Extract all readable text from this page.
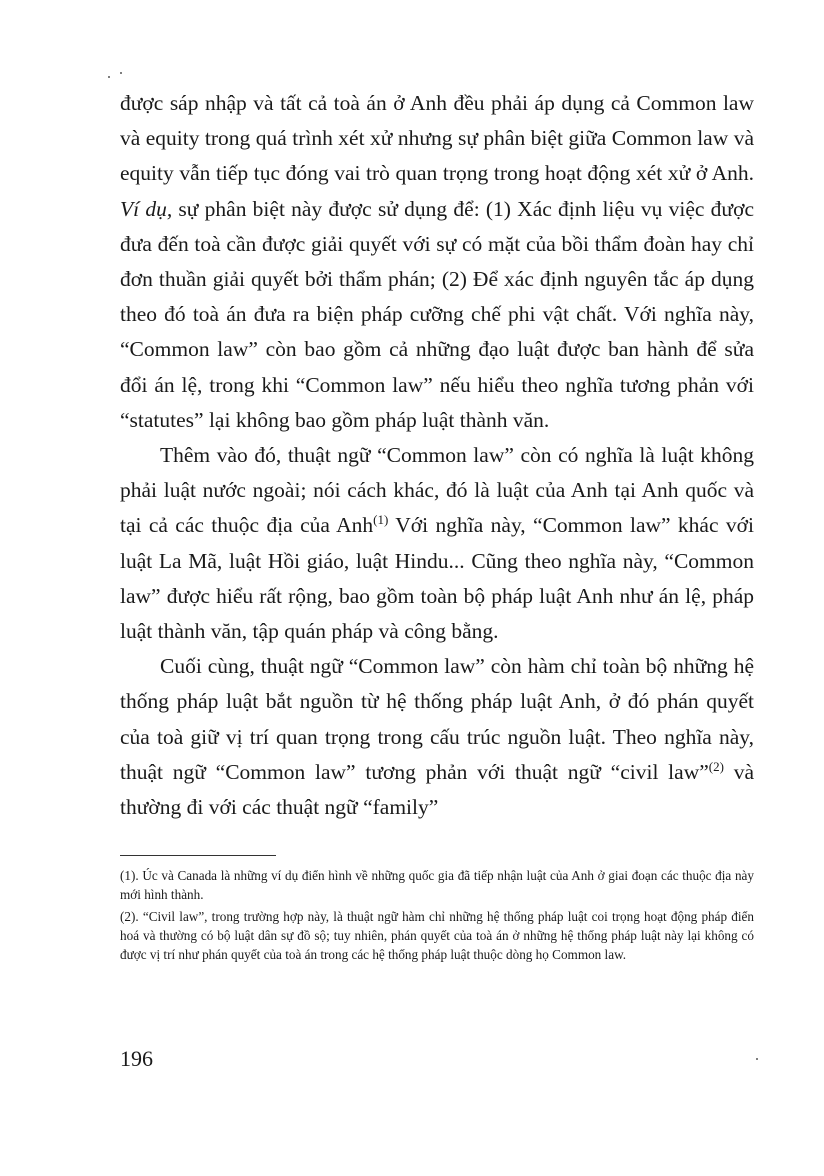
được sáp nhập và tất cả toà án ở Anh đều phải áp dụng cả Common law và equity trong quá trình xét xử nhưng sự phân biệt giữa Common law và equity vẫn tiếp tục đóng vai trò quan trọng trong hoạt động xét xử ở Anh. Ví dụ, sự phân biệt này được sử dụng để: (1) Xác định liệu vụ việc được đưa đến toà cần được giải quyết với sự có mặt của bồi thẩm đoàn hay chỉ đơn thuần giải quyết bởi thẩm phán; (2) Để xác định nguyên tắc áp dụng theo đó toà án đưa ra biện pháp cưỡng chế phi vật chất. Với nghĩa này, “Common law” còn bao gồm cả những đạo luật được ban hành để sửa đổi án lệ, trong khi “Common law” nếu hiểu theo nghĩa tương phản với “statutes” lại không bao gồm pháp luật thành văn.

Thêm vào đó, thuật ngữ “Common law” còn có nghĩa là luật không phải luật nước ngoài; nói cách khác, đó là luật của Anh tại Anh quốc và tại cả các thuộc địa của Anh$^{(1)}$ Với nghĩa này, “Common law” khác với luật La Mã, luật Hồi giáo, luật Hindu... Cũng theo nghĩa này, “Common law” được hiểu rất rộng, bao gồm toàn bộ pháp luật Anh như án lệ, pháp luật thành văn, tập quán pháp và công bằng.

Cuối cùng, thuật ngữ “Common law” còn hàm chỉ toàn bộ những hệ thống pháp luật bắt nguồn từ hệ thống pháp luật Anh, ở đó phán quyết của toà giữ vị trí quan trọng trong cấu trúc nguồn luật. Theo nghĩa này, thuật ngữ “Common law” tương phản với thuật ngữ “civil law”$^{(2)}$ và thường đi với các thuật ngữ “family”

(1). Úc và Canada là những ví dụ điển hình về những quốc gia đã tiếp nhận luật của Anh ở giai đoạn các thuộc địa này mới hình thành.

(2). “Civil law”, trong trường hợp này, là thuật ngữ hàm chỉ những hệ thống pháp luật coi trọng hoạt động pháp điển hoá và thường có bộ luật dân sự đồ sộ; tuy nhiên, phán quyết của toà án ở những hệ thống pháp luật này lại không có được vị trí như phán quyết của toà án trong các hệ thống pháp luật thuộc dòng họ Common law.

196
